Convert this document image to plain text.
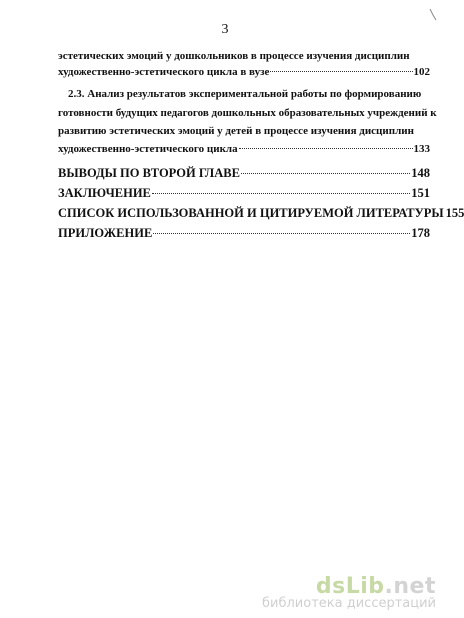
3
эстетических эмоций у дошкольников в процессе изучения дисциплин
художественно-эстетического цикла в вузе	102
2.3. Анализ результатов экспериментальной работы по формированию
готовности будущих педагогов дошкольных образовательных учреждений к
развитию эстетических эмоций у детей в процессе изучения дисциплин
художественно-эстетического цикла	133
ВЫВОДЫ ПО ВТОРОЙ ГЛАВЕ	148
ЗАКЛЮЧЕНИЕ	151
СПИСОК ИСПОЛЬЗОВАННОЙ И ЦИТИРУЕМОЙ ЛИТЕРАТУРЫ 155
ПРИЛОЖЕНИЕ	178
dsLib.net
библиотека диссертаций
